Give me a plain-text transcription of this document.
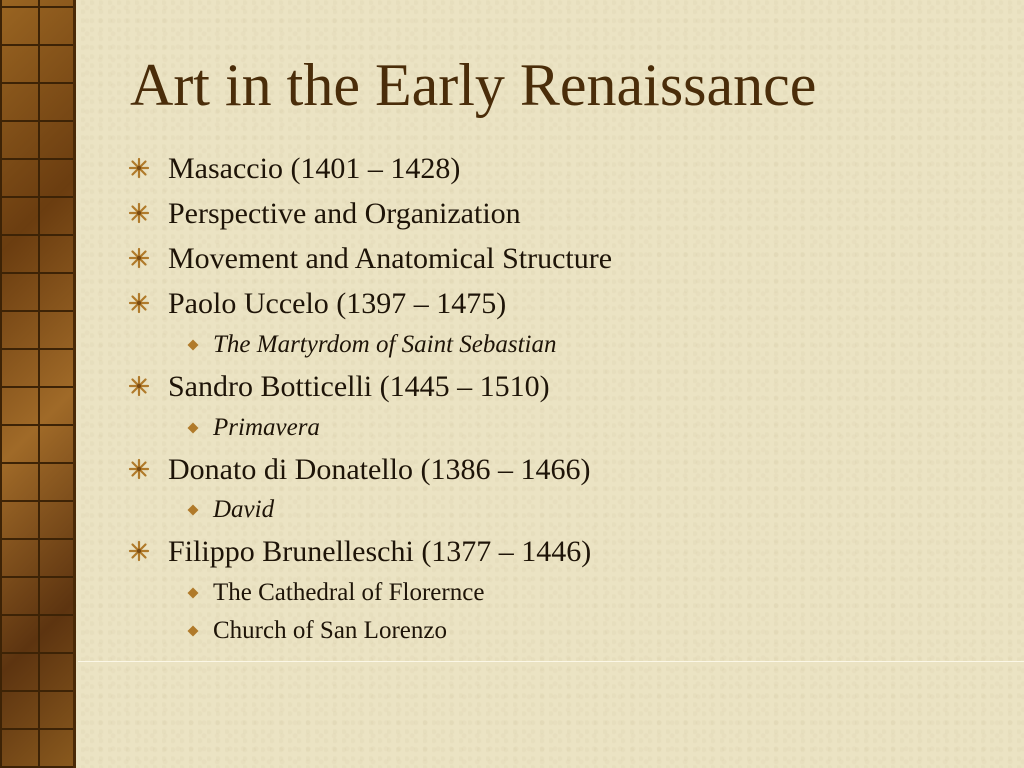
Art in the Early Renaissance
Masaccio (1401 – 1428)
Perspective and Organization
Movement and Anatomical Structure
Paolo Uccelo (1397 – 1475)
The Martyrdom of Saint Sebastian
Sandro Botticelli (1445 – 1510)
Primavera
Donato di Donatello (1386 – 1466)
David
Filippo Brunelleschi (1377 – 1446)
The Cathedral of Florernce
Church of San Lorenzo
